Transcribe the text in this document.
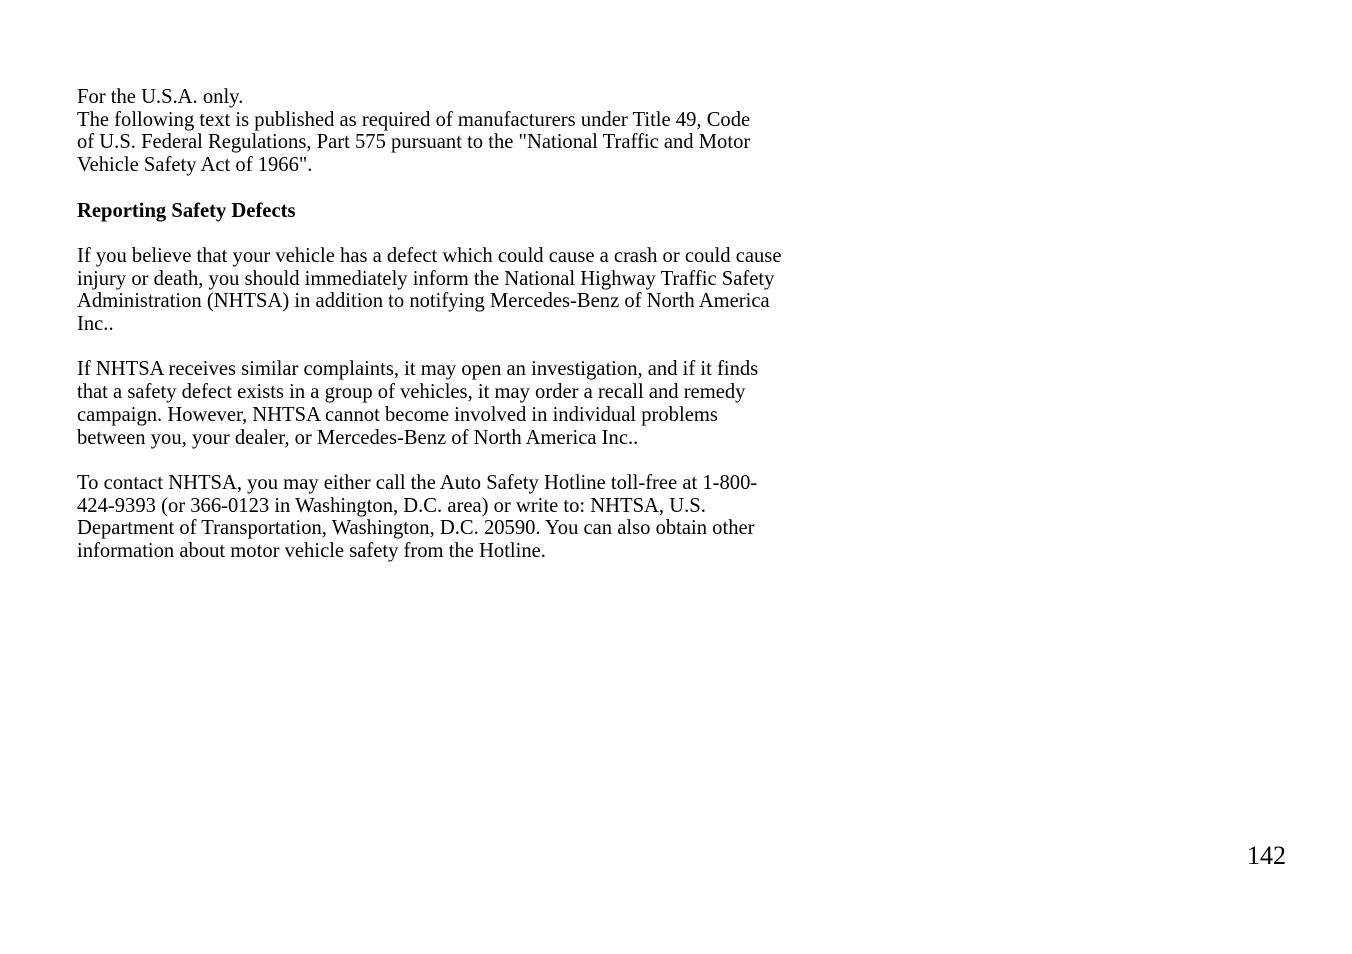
For the U.S.A. only.
The following text is published as required of manufacturers under Title 49, Code
of U.S. Federal Regulations, Part 575 pursuant to the "National Traffic and Motor
Vehicle Safety Act of 1966".
Reporting Safety Defects
If you believe that your vehicle has a defect which could cause a crash or could cause
injury or death, you should immediately inform the National Highway Traffic Safety
Administration (NHTSA) in addition to notifying Mercedes-Benz of North America
Inc..
If NHTSA receives similar complaints, it may open an investigation, and if it finds
that a safety defect exists in a group of vehicles, it may order a recall and remedy
campaign. However, NHTSA cannot become involved in individual problems
between you, your dealer, or Mercedes-Benz of North America Inc..
To contact NHTSA, you may either call the Auto Safety Hotline toll-free at 1-800-
424-9393 (or 366-0123 in Washington, D.C. area) or write to: NHTSA, U.S.
Department of Transportation, Washington, D.C. 20590. You can also obtain other
information about motor vehicle safety from the Hotline.
142
